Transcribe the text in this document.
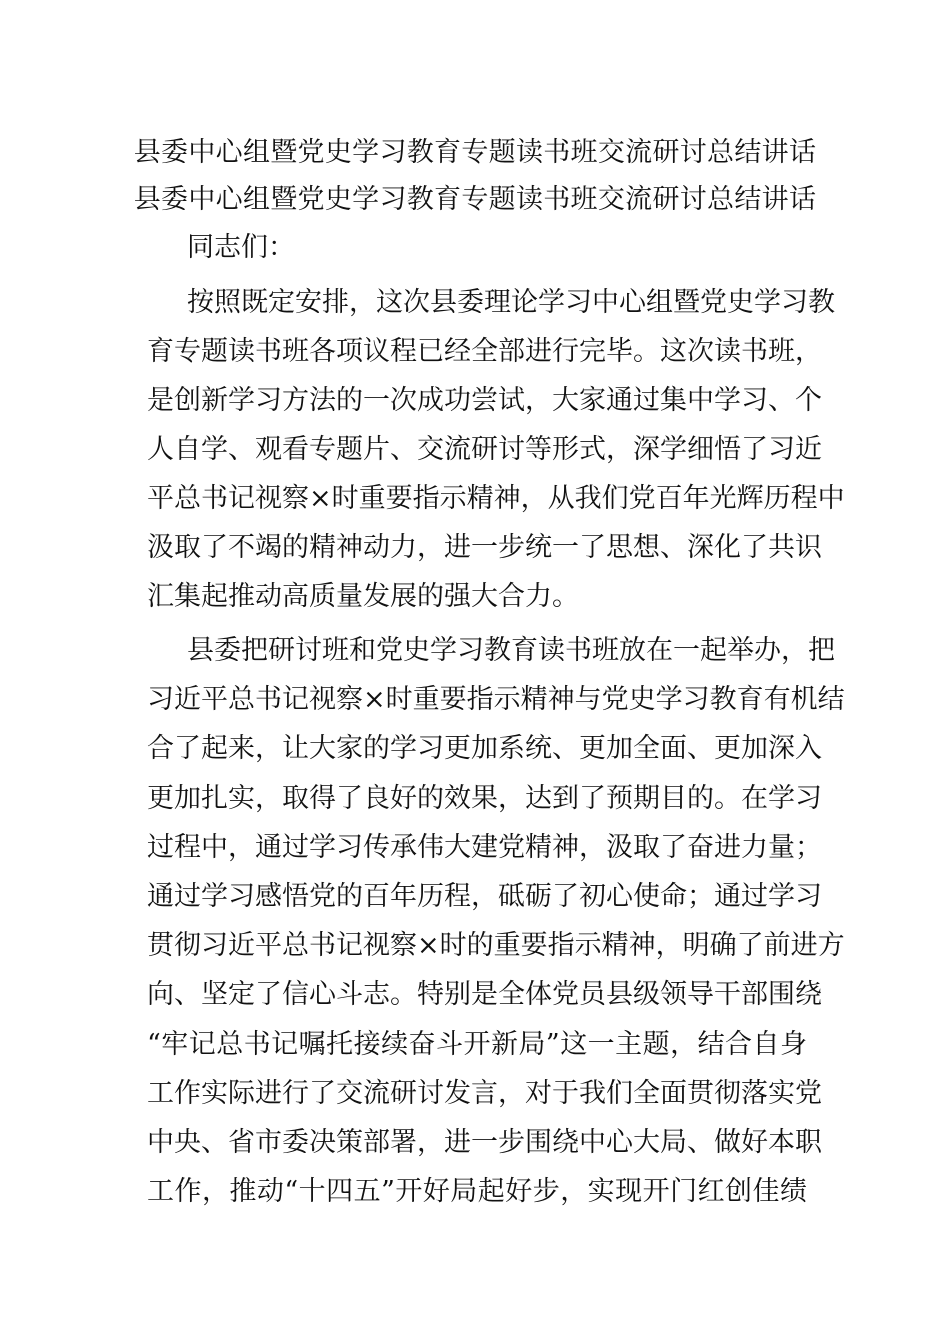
县委中心组暨党史学习教育专题读书班交流研讨总结讲话
县委中心组暨党史学习教育专题读书班交流研讨总结讲话
同志们：
按照既定安排，这次县委理论学习中心组暨党史学习教
育专题读书班各项议程已经全部进行完毕。这次读书班，
是创新学习方法的一次成功尝试，大家通过集中学习、个
人自学、观看专题片、交流研讨等形式，深学细悟了习近
平总书记视察×时重要指示精神，从我们党百年光辉历程中
汲取了不竭的精神动力，进一步统一了思想、深化了共识
汇集起推动高质量发展的强大合力。
县委把研讨班和党史学习教育读书班放在一起举办，把
习近平总书记视察×时重要指示精神与党史学习教育有机结
合了起来，让大家的学习更加系统、更加全面、更加深入
更加扎实，取得了良好的效果，达到了预期目的。在学习
过程中，通过学习传承伟大建党精神，汲取了奋进力量；
通过学习感悟党的百年历程，砥砺了初心使命；通过学习
贯彻习近平总书记视察×时的重要指示精神，明确了前进方
向、坚定了信心斗志。特别是全体党员县级领导干部围绕
“牢记总书记嘱托接续奋斗开新局”这一主题，结合自身
工作实际进行了交流研讨发言，对于我们全面贯彻落实党
中央、省市委决策部署，进一步围绕中心大局、做好本职
工作，推动“十四五”开好局起好步，实现开门红创佳绩
